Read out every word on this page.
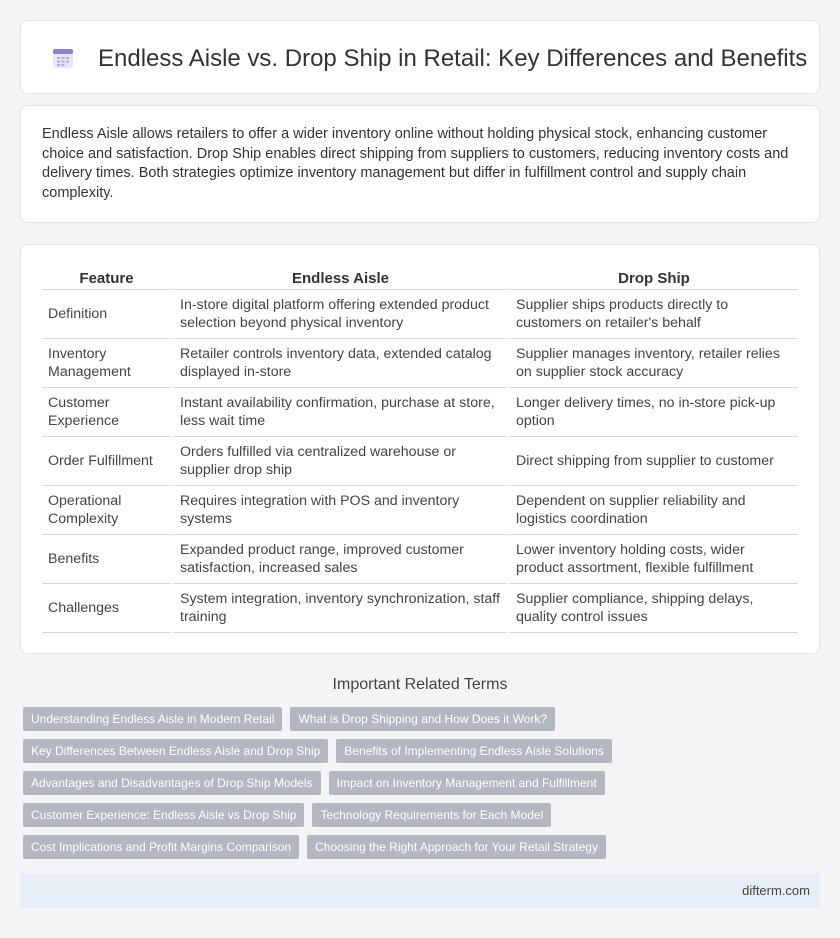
Endless Aisle vs. Drop Ship in Retail: Key Differences and Benefits

Endless Aisle allows retailers to offer a wider inventory online without holding physical stock, enhancing customer choice and satisfaction. Drop Ship enables direct shipping from suppliers to customers, reducing inventory costs and delivery times. Both strategies optimize inventory management but differ in fulfillment control and supply chain complexity.

Feature	Endless Aisle	Drop Ship
Definition	In-store digital platform offering extended product selection beyond physical inventory	Supplier ships products directly to customers on retailer's behalf
Inventory Management	Retailer controls inventory data, extended catalog displayed in-store	Supplier manages inventory, retailer relies on supplier stock accuracy
Customer Experience	Instant availability confirmation, purchase at store, less wait time	Longer delivery times, no in-store pick-up option
Order Fulfillment	Orders fulfilled via centralized warehouse or supplier drop ship	Direct shipping from supplier to customer
Operational Complexity	Requires integration with POS and inventory systems	Dependent on supplier reliability and logistics coordination
Benefits	Expanded product range, improved customer satisfaction, increased sales	Lower inventory holding costs, wider product assortment, flexible fulfillment
Challenges	System integration, inventory synchronization, staff training	Supplier compliance, shipping delays, quality control issues
Important Related Terms
Understanding Endless Aisle in Modern Retail	What is Drop Shipping and How Does it Work?
Key Differences Between Endless Aisle and Drop Ship	Benefits of Implementing Endless Aisle Solutions
Advantages and Disadvantages of Drop Ship Models	Impact on Inventory Management and Fulfillment
Customer Experience: Endless Aisle vs Drop Ship	Technology Requirements for Each Model
Cost Implications and Profit Margins Comparison	Choosing the Right Approach for Your Retail Strategy
difterm.com
